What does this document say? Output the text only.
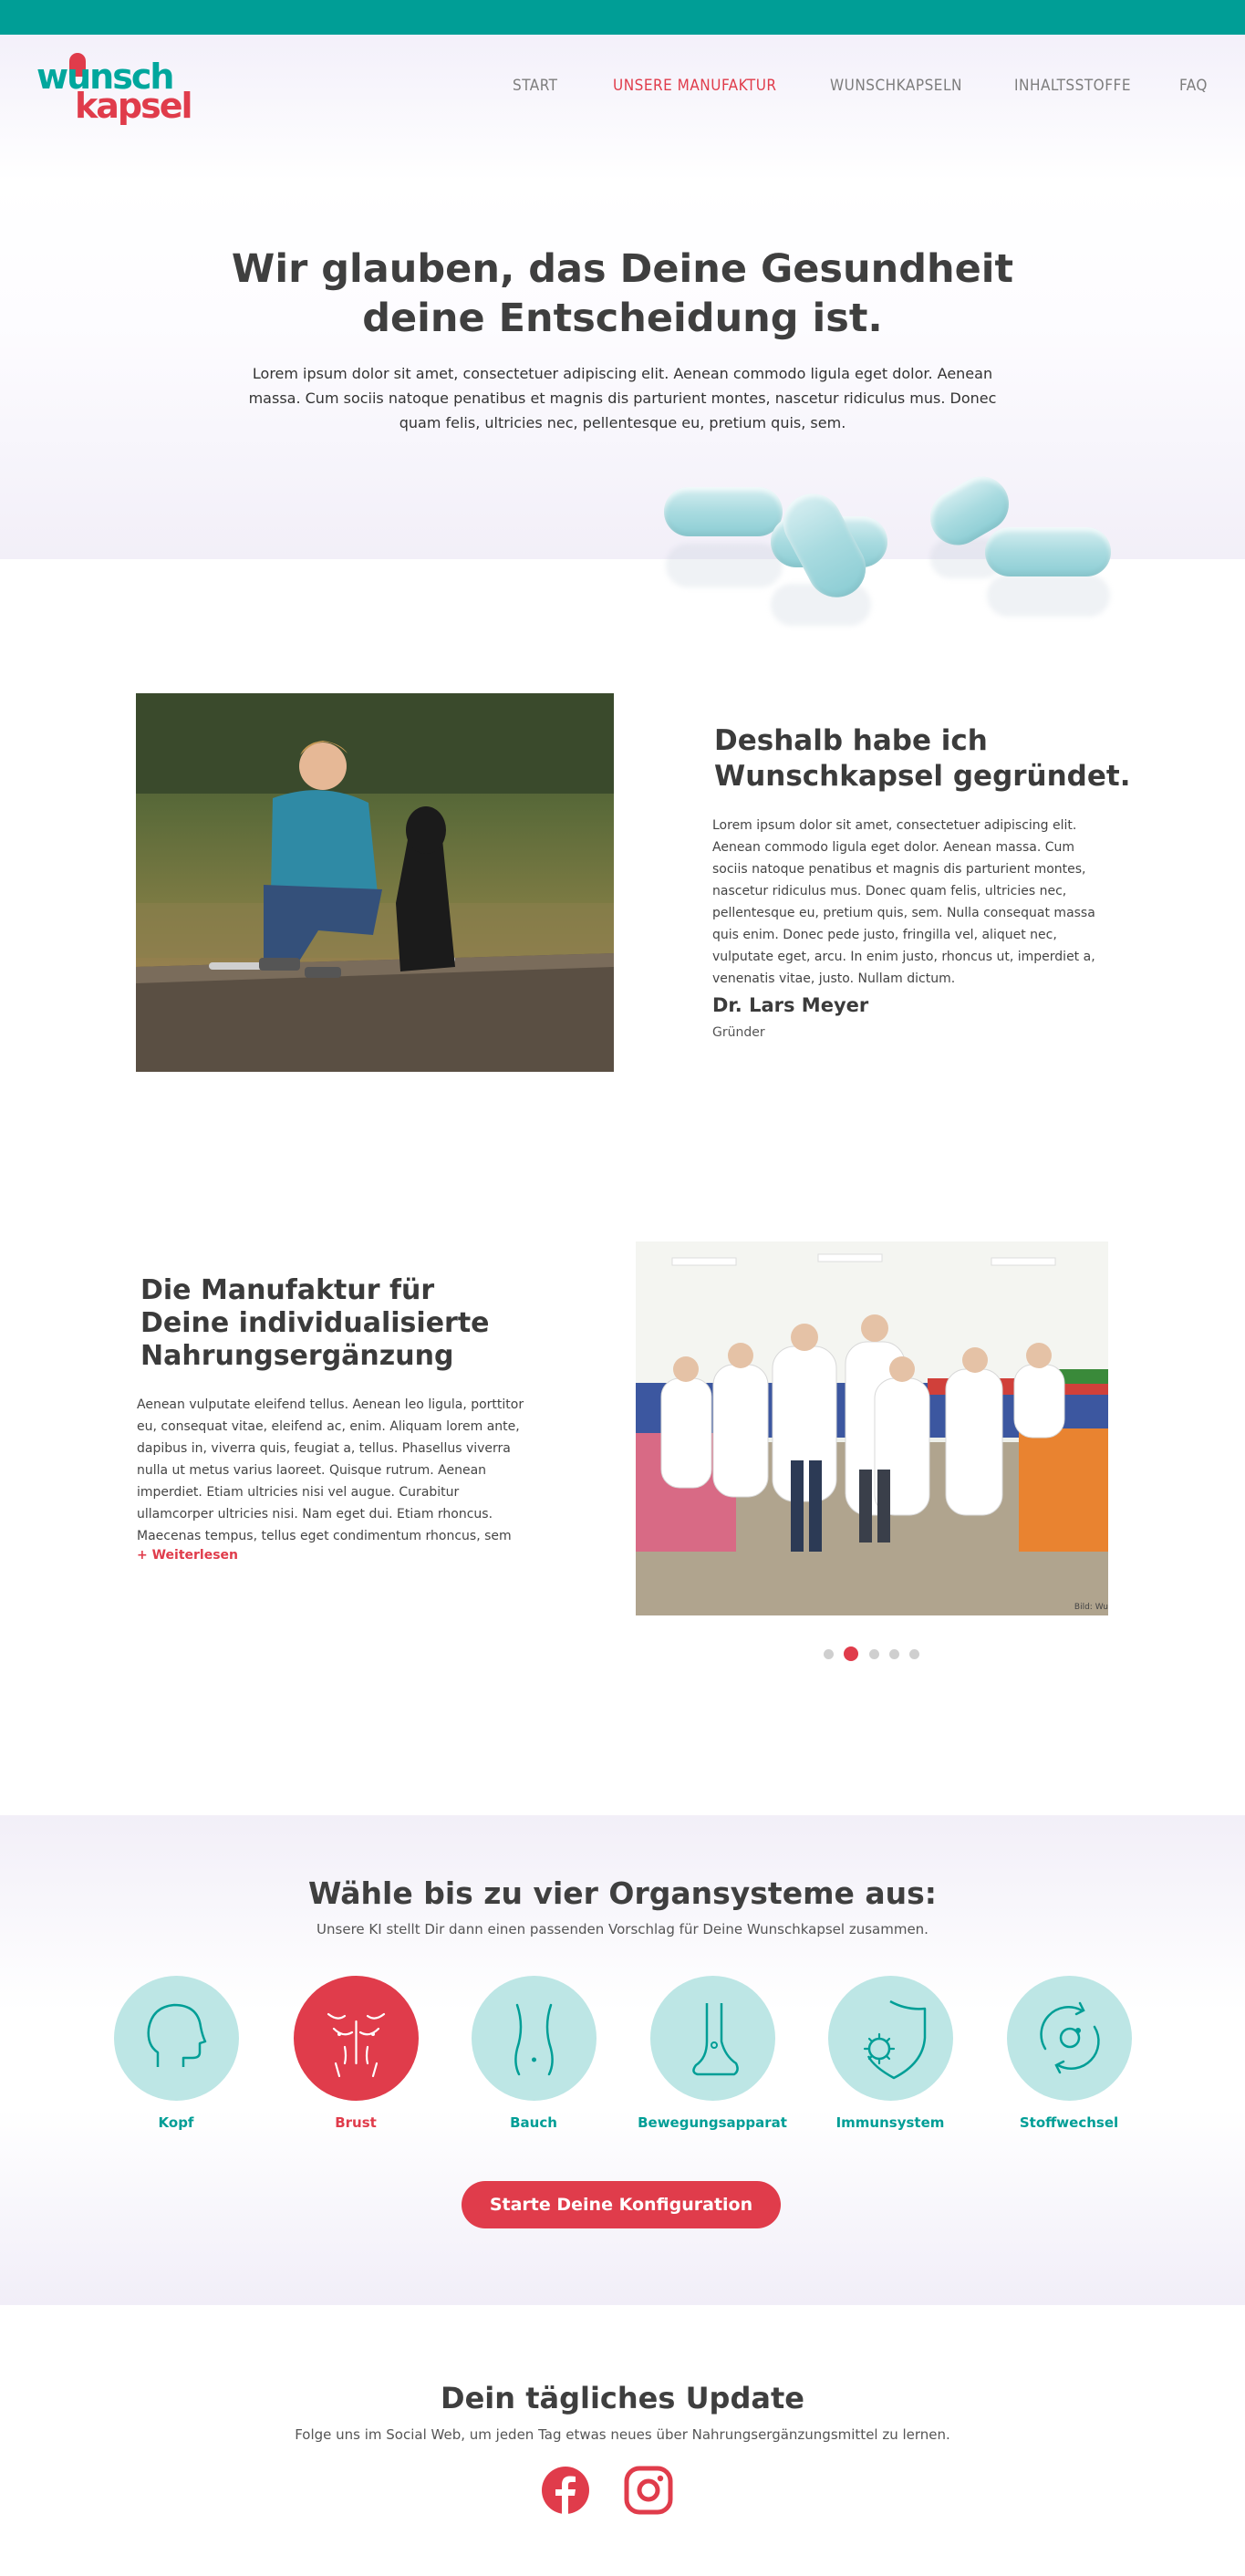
wunsch
kapsel	START	UNSERE MANUFAKTUR	WUNSCHKAPSELN	INHALTSSTOFFE	FAQ
Wir glauben, das Deine Gesundheit
deine Entscheidung ist.

Lorem ipsum dolor sit amet, consectetuer adipiscing elit. Aenean commodo ligula eget dolor. Aenean massa. Cum sociis natoque penatibus et magnis dis parturient montes, nascetur ridiculus mus. Donec quam felis, ultricies nec, pellentesque eu, pretium quis, sem.

Deshalb habe ich
Wunschkapsel gegründet.

Lorem ipsum dolor sit amet, consectetuer adipiscing elit. Aenean commodo ligula eget dolor. Aenean massa. Cum sociis natoque penatibus et magnis dis parturient montes, nascetur ridiculus mus. Donec quam felis, ultricies nec, pellentesque eu, pretium quis, sem. Nulla consequat massa quis enim. Donec pede justo, fringilla vel, aliquet nec, vulputate eget, arcu. In enim justo, rhoncus ut, imperdiet a, venenatis vitae, justo. Nullam dictum.

Dr. Lars Meyer
Gründer
Die Manufaktur für
Deine individualisierte
Nahrungsergänzung

Aenean vulputate eleifend tellus. Aenean leo ligula, porttitor eu, consequat vitae, eleifend ac, enim. Aliquam lorem ante, dapibus in, viverra quis, feugiat a, tellus. Phasellus viverra nulla ut metus varius laoreet. Quisque rutrum. Aenean imperdiet. Etiam ultricies nisi vel augue. Curabitur ullamcorper ultricies nisi. Nam eget dui. Etiam rhoncus. Maecenas tempus, tellus eget condimentum rhoncus, sem

+ Weiterlesen
Bild: Wu
Wähle bis zu vier Organsysteme aus:

Unsere KI stellt Dir dann einen passenden Vorschlag für Deine Wunschkapsel zusammen.

Kopf	Brust	Bauch	Bewegungsapparat	Immunsystem	Stoffwechsel
Starte Deine Konfiguration
Dein tägliches Update

Folge uns im Social Web, um jeden Tag etwas neues über Nahrungsergänzungsmittel zu lernen.
